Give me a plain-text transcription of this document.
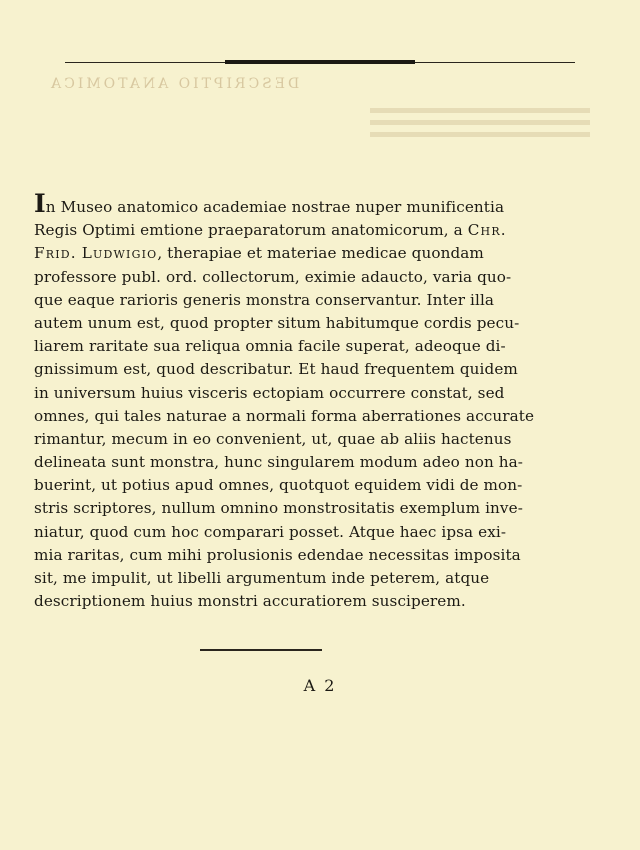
DESCRIPTIO ANATOMICA
In Museo anatomico academiae nostrae nuper munificentia
Regis Optimi emtione praeparatorum anatomicorum, a Chr.
Frid. Ludwigio, therapiae et materiae medicae quondam
professore publ. ord. collectorum, eximie adaucto, varia quo-
que eaque rarioris generis monstra conservantur. Inter illa
autem unum est, quod propter situm habitumque cordis pecu-
liarem raritate sua reliqua omnia facile superat, adeoque di-
gnissimum est, quod describatur. Et haud frequentem quidem
in universum huius visceris ectopiam occurrere constat, sed
omnes, qui tales naturae a normali forma aberrationes accurate
rimantur, mecum in eo convenient, ut, quae ab aliis hactenus
delineata sunt monstra, hunc singularem modum adeo non ha-
buerint, ut potius apud omnes, quotquot equidem vidi de mon-
stris scriptores, nullum omnino monstrositatis exemplum inve-
niatur, quod cum hoc comparari posset. Atque haec ipsa exi-
mia raritas, cum mihi prolusionis edendae necessitas imposita
sit, me impulit, ut libelli argumentum inde peterem, atque
descriptionem huius monstri accuratiorem susciperem.
A 2
